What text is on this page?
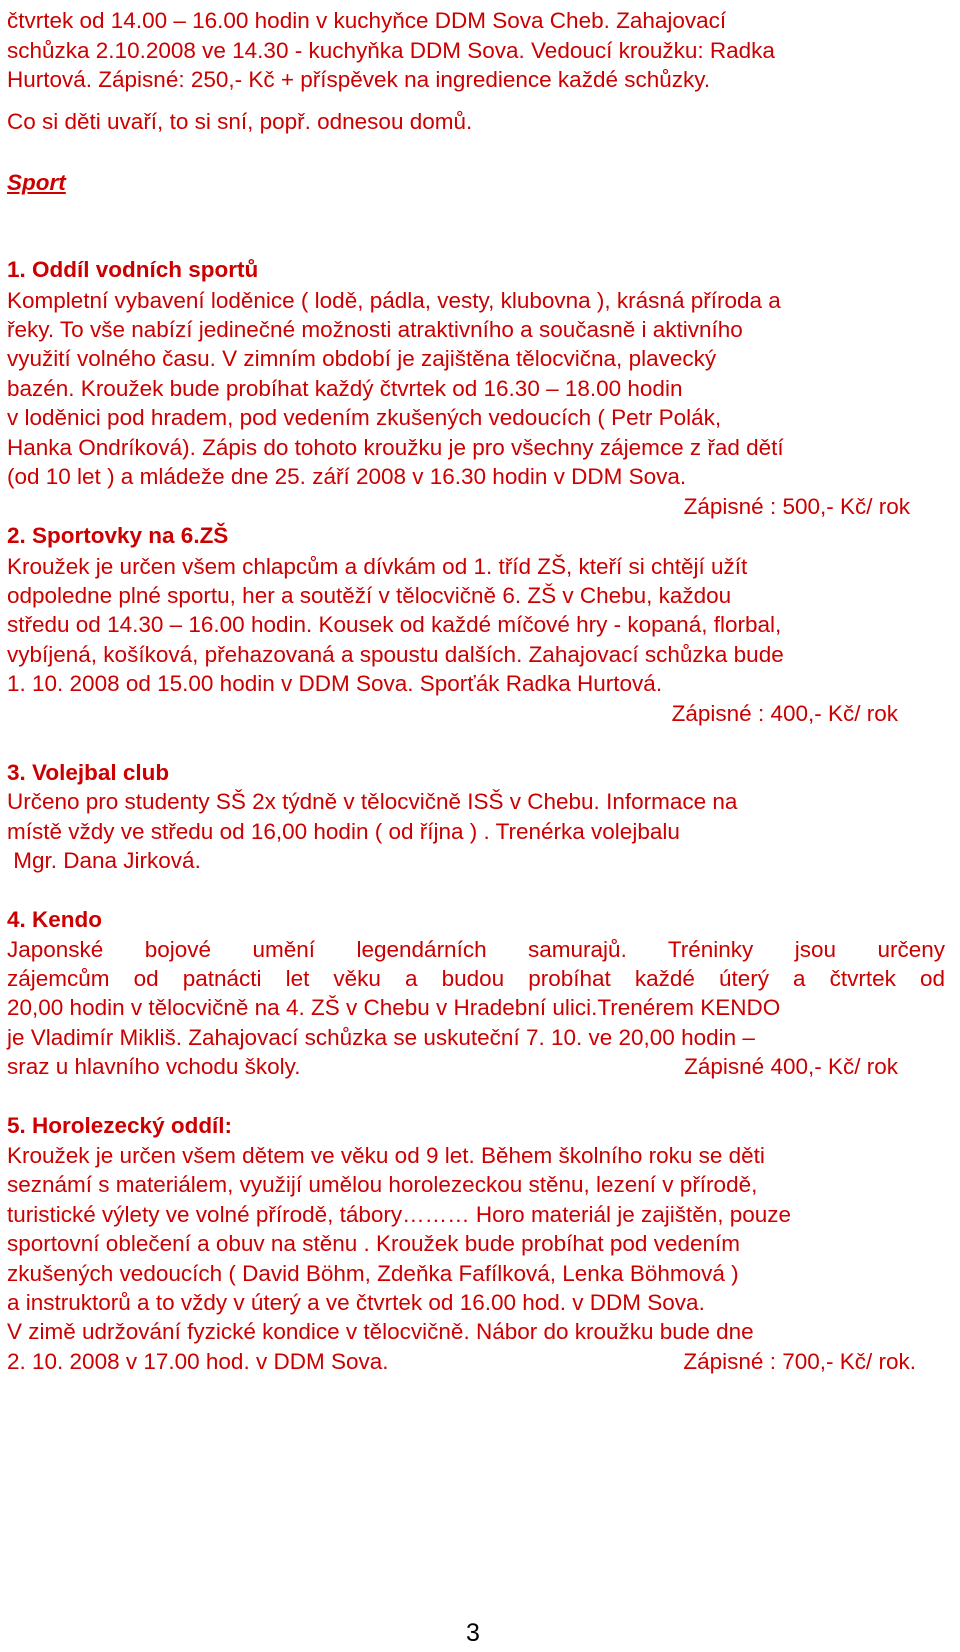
čtvrtek od 14.00 – 16.00 hodin v kuchyňce DDM Sova Cheb. Zahajovací

schůzka 2.10.2008 ve 14.30 - kuchyňka DDM Sova. Vedoucí kroužku: Radka

Hurtová. Zápisné: 250,- Kč + příspěvek na ingredience každé schůzky.

Co si děti uvaří, to si sní, popř. odnesou domů.

Sport

1. Oddíl vodních sportů

Kompletní vybavení loděnice ( lodě, pádla, vesty, klubovna ), krásná příroda a

řeky. To vše nabízí jedinečné možnosti atraktivního a současně i aktivního

využití volného času. V zimním období je zajištěna tělocvična, plavecký

bazén. Kroužek bude probíhat každý čtvrtek od 16.30 – 18.00 hodin

v loděnici pod hradem, pod vedením zkušených vedoucích ( Petr Polák,

Hanka Ondríková). Zápis do tohoto kroužku je pro všechny zájemce z řad dětí

(od 10 let ) a mládeže dne 25. září 2008 v 16.30 hodin v DDM Sova.

Zápisné : 500,- Kč/ rok

2. Sportovky na 6.ZŠ

Kroužek je určen všem chlapcům a dívkám od 1. tříd ZŠ, kteří si chtějí užít

odpoledne plné sportu, her a soutěží v tělocvičně 6. ZŠ v Chebu, každou

středu od 14.30 – 16.00 hodin. Kousek od každé míčové hry - kopaná, florbal,

vybíjená, košíková, přehazovaná a spoustu dalších. Zahajovací schůzka bude

1. 10. 2008 od 15.00 hodin v DDM Sova. Sporťák Radka Hurtová.

Zápisné : 400,- Kč/ rok

3. Volejbal club

Určeno pro studenty SŠ 2x týdně v tělocvičně ISŠ v Chebu. Informace na

místě vždy ve středu od 16,00 hodin ( od října ) . Trenérka volejbalu

Mgr. Dana Jirková.

4. Kendo

Japonské bojové umění legendárních samurajů. Tréninky jsou určeny

zájemcům od patnácti let věku a budou probíhat každé úterý a čtvrtek od

20,00 hodin v tělocvičně na 4. ZŠ v Chebu v Hradební ulici.Trenérem KENDO

je Vladimír Mikliš. Zahajovací schůzka se uskuteční 7. 10. ve 20,00 hodin –

sraz u hlavního vchodu školy.	Zápisné 400,- Kč/ rok

5. Horolezecký oddíl:

Kroužek je určen všem dětem ve věku od 9 let. Během školního roku se děti

seznámí s materiálem, využijí umělou horolezeckou stěnu, lezení v přírodě,

turistické výlety ve volné přírodě, tábory……… Horo materiál je zajištěn, pouze

sportovní oblečení a obuv na stěnu . Kroužek bude probíhat pod vedením

zkušených vedoucích ( David Böhm, Zdeňka Fafílková, Lenka Böhmová )

a instruktorů a to vždy v úterý a ve čtvrtek od 16.00 hod. v DDM Sova.

V zimě udržování fyzické kondice v tělocvičně. Nábor do kroužku bude dne

2. 10. 2008 v 17.00 hod. v DDM Sova.	Zápisné : 700,- Kč/ rok.

3
